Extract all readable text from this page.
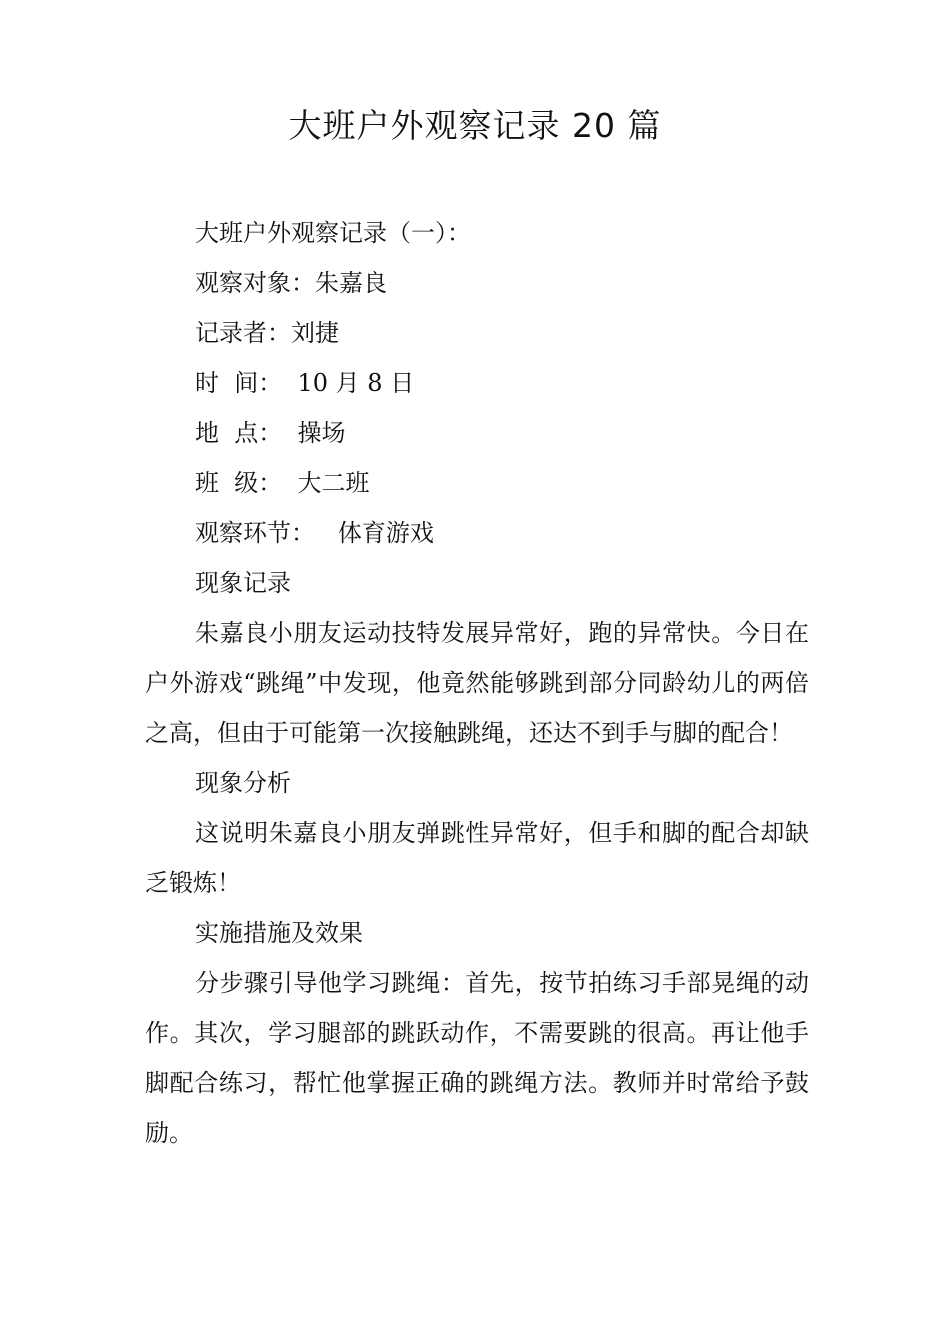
大班户外观察记录 20 篇

大班户外观察记录（一）：

观察对象：朱嘉良

记录者：刘捷

时  间：  10 月 8 日

地  点：  操场

班  级：  大二班

观察环节：   体育游戏

现象记录

朱嘉良小朋友运动技特发展异常好，跑的异常快。今日在户外游戏“跳绳”中发现，他竟然能够跳到部分同龄幼儿的两倍之高，但由于可能第一次接触跳绳，还达不到手与脚的配合！

现象分析

这说明朱嘉良小朋友弹跳性异常好，但手和脚的配合却缺乏锻炼！

实施措施及效果

分步骤引导他学习跳绳：首先，按节拍练习手部晃绳的动作。其次，学习腿部的跳跃动作，不需要跳的很高。再让他手脚配合练习，帮忙他掌握正确的跳绳方法。教师并时常给予鼓励。
